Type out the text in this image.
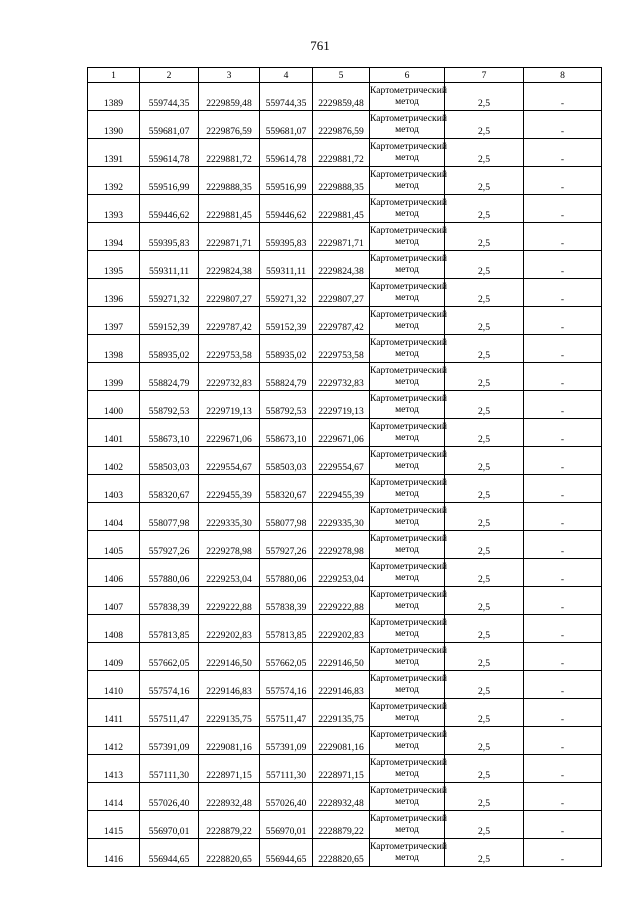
761
1	2	3	4	5	6	7	8
1389	559744,35	2229859,48	559744,35	2229859,48	Картометрический метод	2,5	-
1390	559681,07	2229876,59	559681,07	2229876,59	Картометрический метод	2,5	-
1391	559614,78	2229881,72	559614,78	2229881,72	Картометрический метод	2,5	-
1392	559516,99	2229888,35	559516,99	2229888,35	Картометрический метод	2,5	-
1393	559446,62	2229881,45	559446,62	2229881,45	Картометрический метод	2,5	-
1394	559395,83	2229871,71	559395,83	2229871,71	Картометрический метод	2,5	-
1395	559311,11	2229824,38	559311,11	2229824,38	Картометрический метод	2,5	-
1396	559271,32	2229807,27	559271,32	2229807,27	Картометрический метод	2,5	-
1397	559152,39	2229787,42	559152,39	2229787,42	Картометрический метод	2,5	-
1398	558935,02	2229753,58	558935,02	2229753,58	Картометрический метод	2,5	-
1399	558824,79	2229732,83	558824,79	2229732,83	Картометрический метод	2,5	-
1400	558792,53	2229719,13	558792,53	2229719,13	Картометрический метод	2,5	-
1401	558673,10	2229671,06	558673,10	2229671,06	Картометрический метод	2,5	-
1402	558503,03	2229554,67	558503,03	2229554,67	Картометрический метод	2,5	-
1403	558320,67	2229455,39	558320,67	2229455,39	Картометрический метод	2,5	-
1404	558077,98	2229335,30	558077,98	2229335,30	Картометрический метод	2,5	-
1405	557927,26	2229278,98	557927,26	2229278,98	Картометрический метод	2,5	-
1406	557880,06	2229253,04	557880,06	2229253,04	Картометрический метод	2,5	-
1407	557838,39	2229222,88	557838,39	2229222,88	Картометрический метод	2,5	-
1408	557813,85	2229202,83	557813,85	2229202,83	Картометрический метод	2,5	-
1409	557662,05	2229146,50	557662,05	2229146,50	Картометрический метод	2,5	-
1410	557574,16	2229146,83	557574,16	2229146,83	Картометрический метод	2,5	-
1411	557511,47	2229135,75	557511,47	2229135,75	Картометрический метод	2,5	-
1412	557391,09	2229081,16	557391,09	2229081,16	Картометрический метод	2,5	-
1413	557111,30	2228971,15	557111,30	2228971,15	Картометрический метод	2,5	-
1414	557026,40	2228932,48	557026,40	2228932,48	Картометрический метод	2,5	-
1415	556970,01	2228879,22	556970,01	2228879,22	Картометрический метод	2,5	-
1416	556944,65	2228820,65	556944,65	2228820,65	Картометрический метод	2,5	-
